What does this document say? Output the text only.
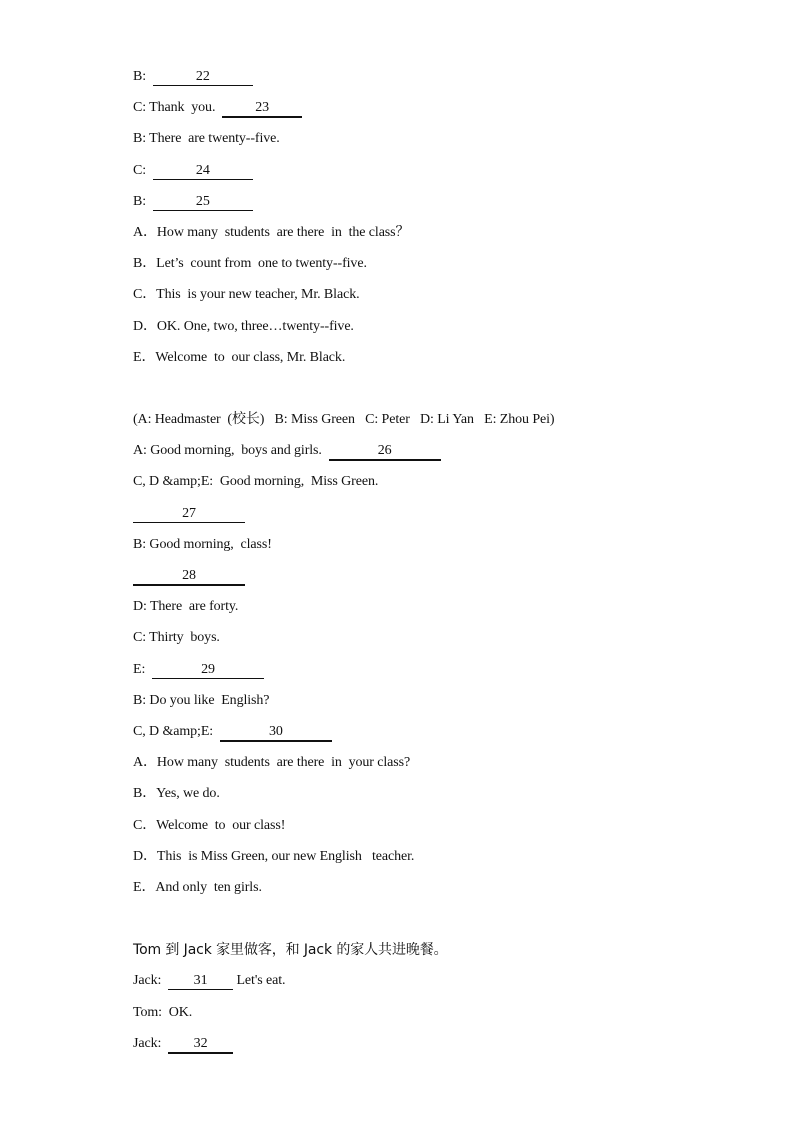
B:	22
C: Thank  you.  23
B: There  are twenty--five.
C:	24
B:	25
A．How many  students  are there  in  the class？
B．Let’s  count from  one to twenty--five.
C．This  is your new teacher, Mr. Black.
D．OK. One, two, three…twenty--five.
E．Welcome  to  our class, Mr. Black.
(A: Headmaster  (校长)   B: Miss Green   C: Peter   D: Li Yan   E: Zhou Pei)
A: Good morning,  boys and girls.	26
C, D &amp;E:  Good morning,  Miss Green.
27
B: Good morning,  class!
28
D: There  are forty.
C: Thirty  boys.
E:	29
B: Do you like  English?
C, D &amp;E:	30
A．How many  students  are there  in  your class?
B．Yes, we do.
C．Welcome  to  our class!
D．This  is Miss Green, our new English   teacher.
E．And only  ten girls.
Tom 到 Jack 家里做客，和 Jack 的家人共进晚餐。
Jack:  31 Let's eat.
Tom:  OK.
Jack:  32
